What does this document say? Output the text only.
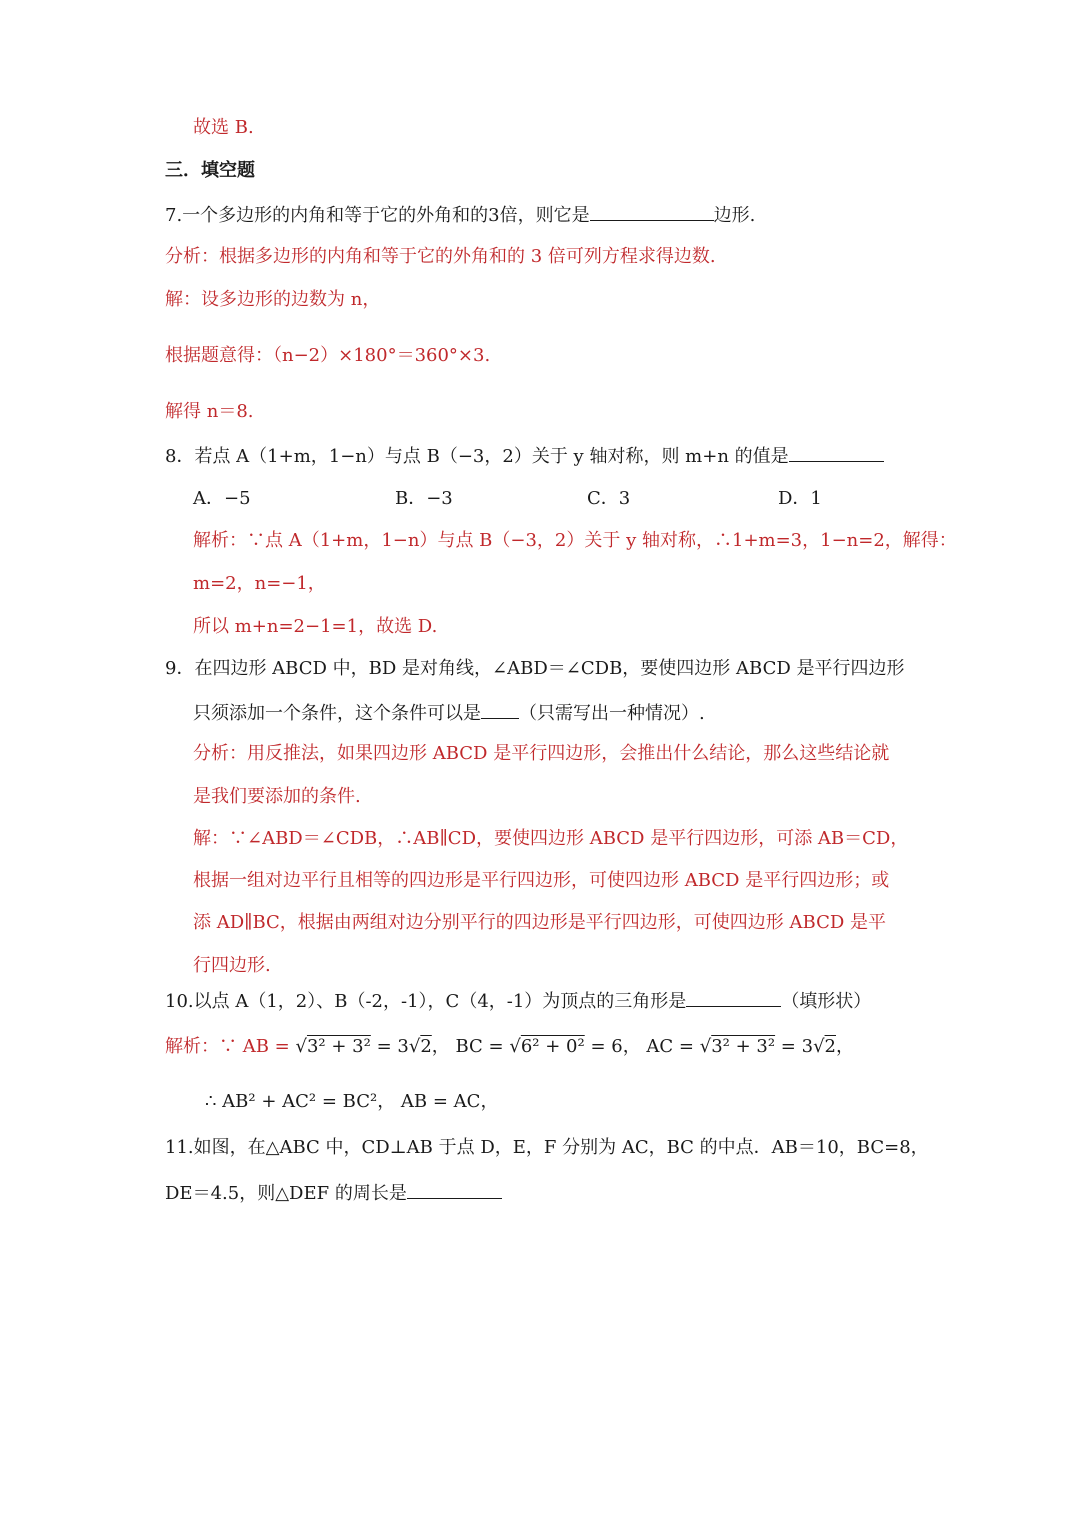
故选 B.
三．填空题
7.一个多边形的内角和等于它的外角和的3倍，则它是	边形.
分析：根据多边形的内角和等于它的外角和的 3 倍可列方程求得边数.
解：设多边形的边数为 n，
根据题意得：（n−2）×180°＝360°×3.
解得 n＝8.
8．若点 A（1+m，1−n）与点 B（−3，2）关于 y 轴对称，则 m+n 的值是
A．−5	B．−3	C．3	D．1
解析：∵点 A（1+m，1−n）与点 B（−3，2）关于 y 轴对称，∴1+m=3，1−n=2，解得：
m=2，n=−1，
所以 m+n=2−1=1，故选 D.
9．在四边形 ABCD 中，BD 是对角线，∠ABD＝∠CDB，要使四边形 ABCD 是平行四边形
只须添加一个条件，这个条件可以是 （只需写出一种情况）.
分析：用反推法，如果四边形 ABCD 是平行四边形，会推出什么结论，那么这些结论就
是我们要添加的条件.
解：∵∠ABD＝∠CDB，∴AB∥CD，要使四边形 ABCD 是平行四边形，可添 AB＝CD，
根据一组对边平行且相等的四边形是平行四边形，可使四边形 ABCD 是平行四边形；或
添 AD∥BC，根据由两组对边分别平行的四边形是平行四边形，可使四边形 ABCD 是平
行四边形.
10.以点 A（1，2）、B（-2，-1），C（4，-1）为顶点的三角形是	（填形状）
解析：∵ AB = √3² + 3² = 3√2， BC = √6² + 0² = 6， AC = √3² + 3² = 3√2，
∴ AB² + AC² = BC²， AB = AC，
11.如图，在△ABC 中，CD⊥AB 于点 D，E，F 分别为 AC，BC 的中点．AB＝10，BC=8，
DE＝4.5，则△DEF 的周长是
